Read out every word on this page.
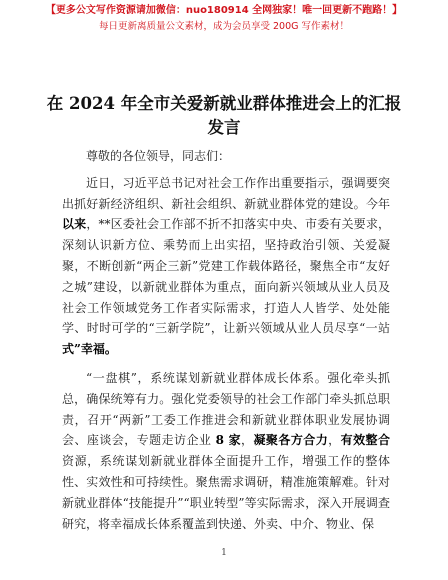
【更多公文写作资源请加微信：nuo180914 全网独家！唯一回更新不跑路！】
每日更新离质量公文素材，成为会员享受 200G 写作素材！
在 2024 年全市关爱新就业群体推进会上的汇报发言

尊敬的各位领导，同志们：

近日，习近平总书记对社会工作作出重要指示，强调要突出抓好新经济组织、新社会组织、新就业群体党的建设。今年以来，**区委社会工作部不折不扣落实中央、市委有关要求，深刻认识新方位、乘势而上出实招，坚持政治引领、关爱凝聚，不断创新“两企三新”党建工作载体路径，聚焦全市“友好之城”建设，以新就业群体为重点，面向新兴领域从业人员及社会工作领域党务工作者实际需求，打造人人皆学、处处能学、时时可学的“三新学院”，让新兴领域从业人员尽享“一站式”幸福。

“一盘棋”，系统谋划新就业群体成长体系。强化牵头抓总，确保统筹有力。强化党委领导的社会工作部门牵头抓总职责，召开“两新”工委工作推进会和新就业群体职业发展协调会、座谈会，专题走访企业 8 家，凝聚各方合力，有效整合资源，系统谋划新就业群体全面提升工作，增强工作的整体性、实效性和可持续性。聚焦需求调研，精准施策解难。针对新就业群体“技能提升”“职业转型”等实际需求，深入开展调查研究，将幸福成长体系覆盖到快递、外卖、中介、物业、保

1
